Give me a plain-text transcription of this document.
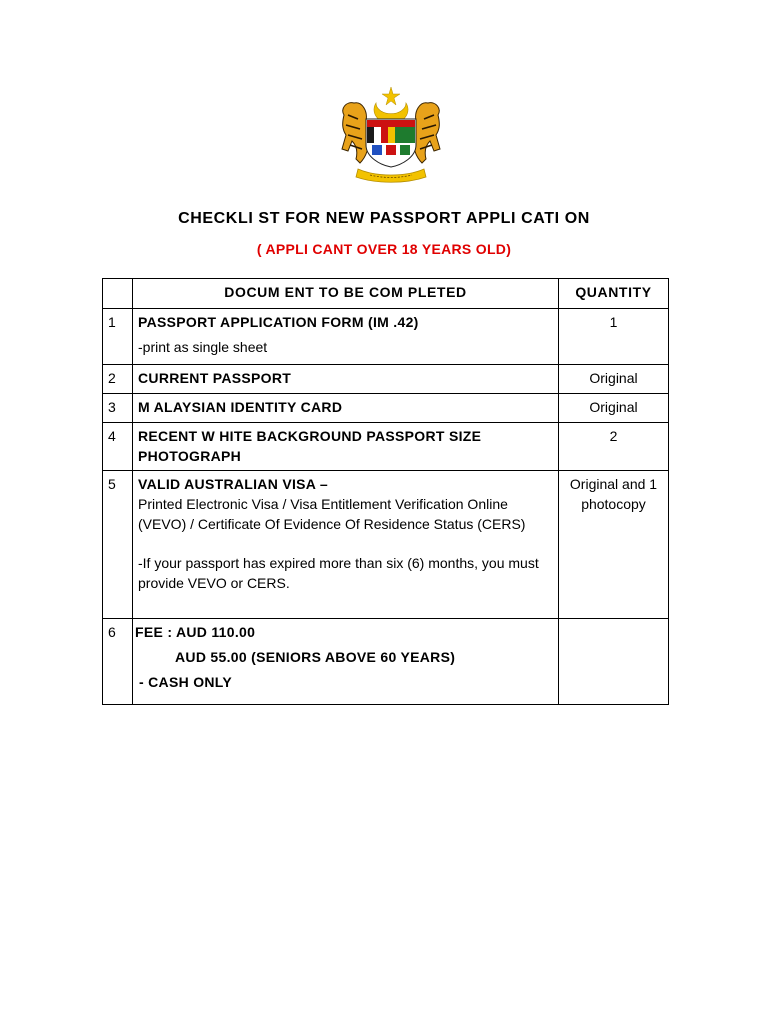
CHECKLI ST FOR NEW PASSPORT APPLI CATI ON
( APPLI CANT OVER 18 YEARS OLD)
	DOCUM ENT TO BE COM PLETED	QUANTITY
1	PASSPORT APPLICATION FORM (IM .42)
-print as single sheet	1
2	CURRENT PASSPORT	Original
3	M ALAYSIAN IDENTITY CARD	Original
4	RECENT W HITE BACKGROUND PASSPORT SIZE PHOTOGRAPH	2
5	VALID AUSTRALIAN VISA –
Printed Electronic Visa / Visa Entitlement Verification Online (VEVO) / Certificate Of Evidence Of Residence Status (CERS)
-If your passport has expired more than six (6) months, you must provide VEVO or CERS.	Original and 1 photocopy
6	FEE : AUD 110.00
AUD 55.00 (SENIORS ABOVE 60 YEARS)
- CASH ONLY	
